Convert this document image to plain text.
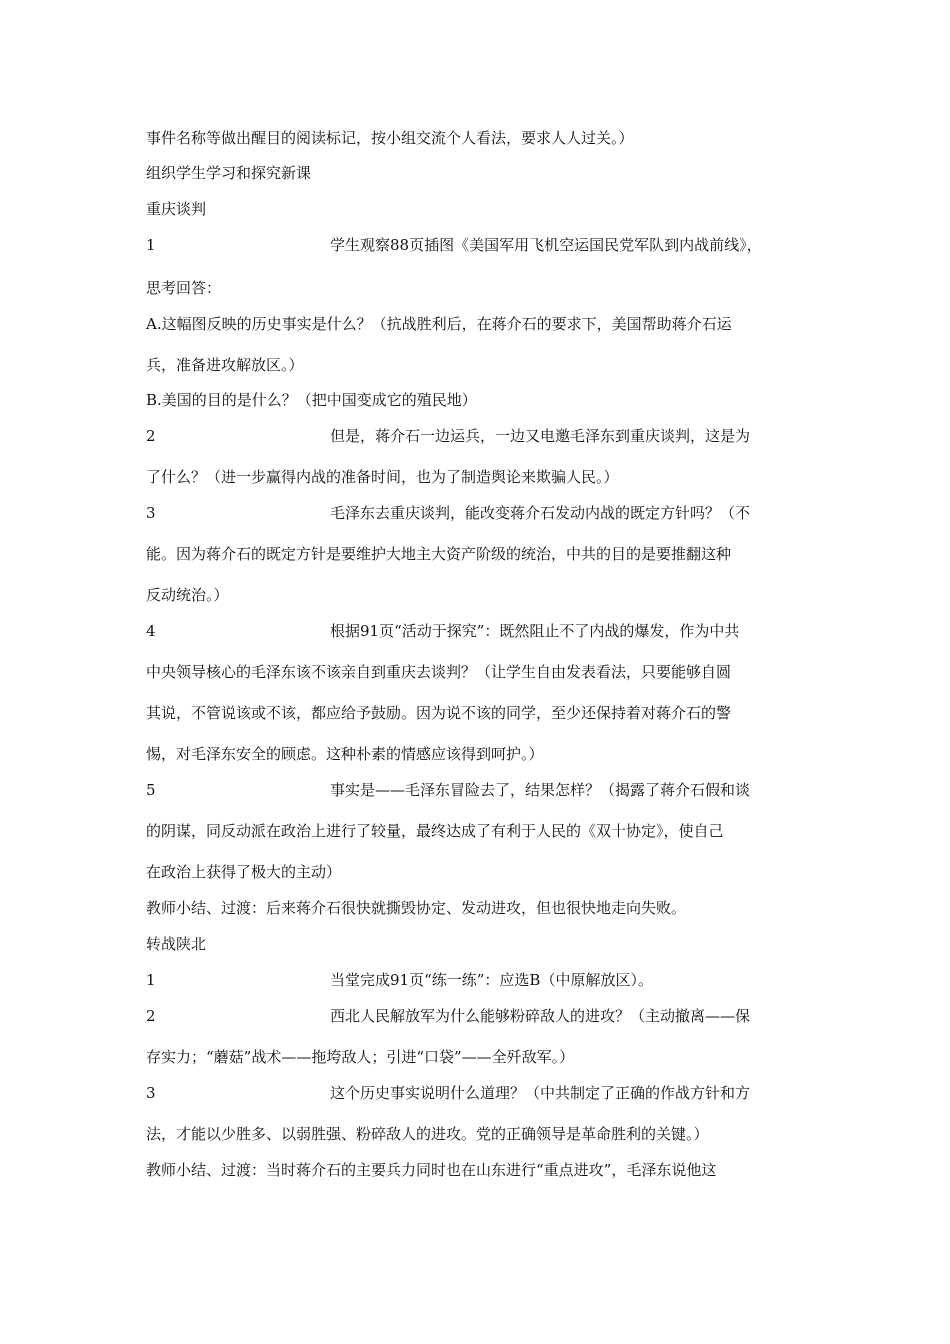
事件名称等做出醒目的阅读标记，按小组交流个人看法，要求人人过关。）
组织学生学习和探究新课
重庆谈判
1	学生观察88页插图《美国军用飞机空运国民党军队到内战前线》，
思考回答：
A.这幅图反映的历史事实是什么？（抗战胜利后，在蒋介石的要求下，美国帮助蒋介石运
兵，准备进攻解放区。）
B.美国的目的是什么？（把中国变成它的殖民地）
2	但是，蒋介石一边运兵，一边又电邀毛泽东到重庆谈判，这是为
了什么？（进一步赢得内战的准备时间，也为了制造舆论来欺骗人民。）
3	毛泽东去重庆谈判，能改变蒋介石发动内战的既定方针吗？（不
能。因为蒋介石的既定方针是要维护大地主大资产阶级的统治，中共的目的是要推翻这种
反动统治。）
4	根据91页“活动于探究”：既然阻止不了内战的爆发，作为中共
中央领导核心的毛泽东该不该亲自到重庆去谈判？（让学生自由发表看法，只要能够自圆
其说，不管说该或不该，都应给予鼓励。因为说不该的同学，至少还保持着对蒋介石的警
惕，对毛泽东安全的顾虑。这种朴素的情感应该得到呵护。）
5	事实是——毛泽东冒险去了，结果怎样？（揭露了蒋介石假和谈
的阴谋，同反动派在政治上进行了较量，最终达成了有利于人民的《双十协定》，使自己
在政治上获得了极大的主动）
教师小结、过渡：后来蒋介石很快就撕毁协定、发动进攻，但也很快地走向失败。
转战陕北
1	当堂完成91页“练一练”：应选B（中原解放区）。
2	西北人民解放军为什么能够粉碎敌人的进攻？（主动撤离——保
存实力；“蘑菇”战术——拖垮敌人；引进“口袋”——全歼敌军。）
3	这个历史事实说明什么道理？（中共制定了正确的作战方针和方
法，才能以少胜多、以弱胜强、粉碎敌人的进攻。党的正确领导是革命胜利的关键。）
教师小结、过渡：当时蒋介石的主要兵力同时也在山东进行“重点进攻”，毛泽东说他这
